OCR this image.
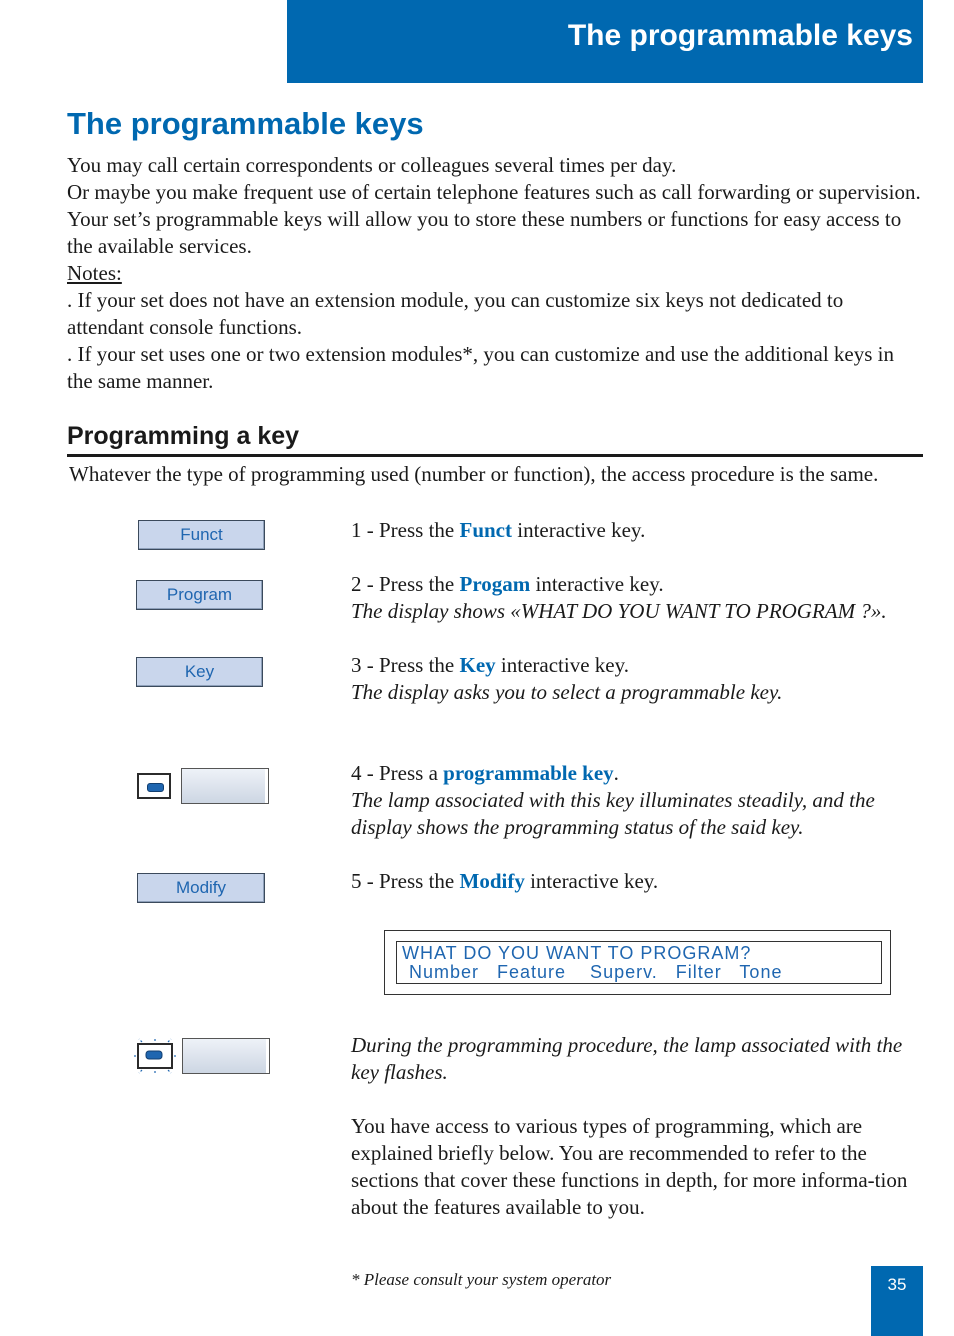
The programmable keys
The programmable keys

You may call certain correspondents or colleagues several times per day.

Or maybe you make frequent use of certain telephone features such as call forwarding or supervision. Your set’s programmable keys will allow you to store these numbers or functions for easy access to the available services.

Notes:

. If your set does not have an extension module, you can customize six keys not dedicated to attendant console functions.

. If your set uses one or two extension modules*, you can customize and use the additional keys in the same manner.

Programming a key

Whatever the type of programming used (number or function), the access procedure is the same.

Funct	1 - Press the Funct interactive key.

Program	2 - Press the Progam interactive key.

The display shows «WHAT DO YOU WANT TO PROGRAM ?».

Key	3 - Press the Key interactive key.

The display asks you to select a programmable key.

4 - Press a programmable key.

The lamp associated with this key illuminates steadily, and the display shows the programming status of the said key.

Modify	5 - Press the Modify interactive key.

WHAT DO YOU WANT TO PROGRAM?
Number   Feature    Superv.   Filter   Tone

During the programming procedure, the lamp associated with the key flashes.

You have access to various types of programming, which are explained briefly below. You are recommended to refer to the sections that cover these functions in depth, for more informa-tion about the features available to you.

* Please consult your system operator	35
